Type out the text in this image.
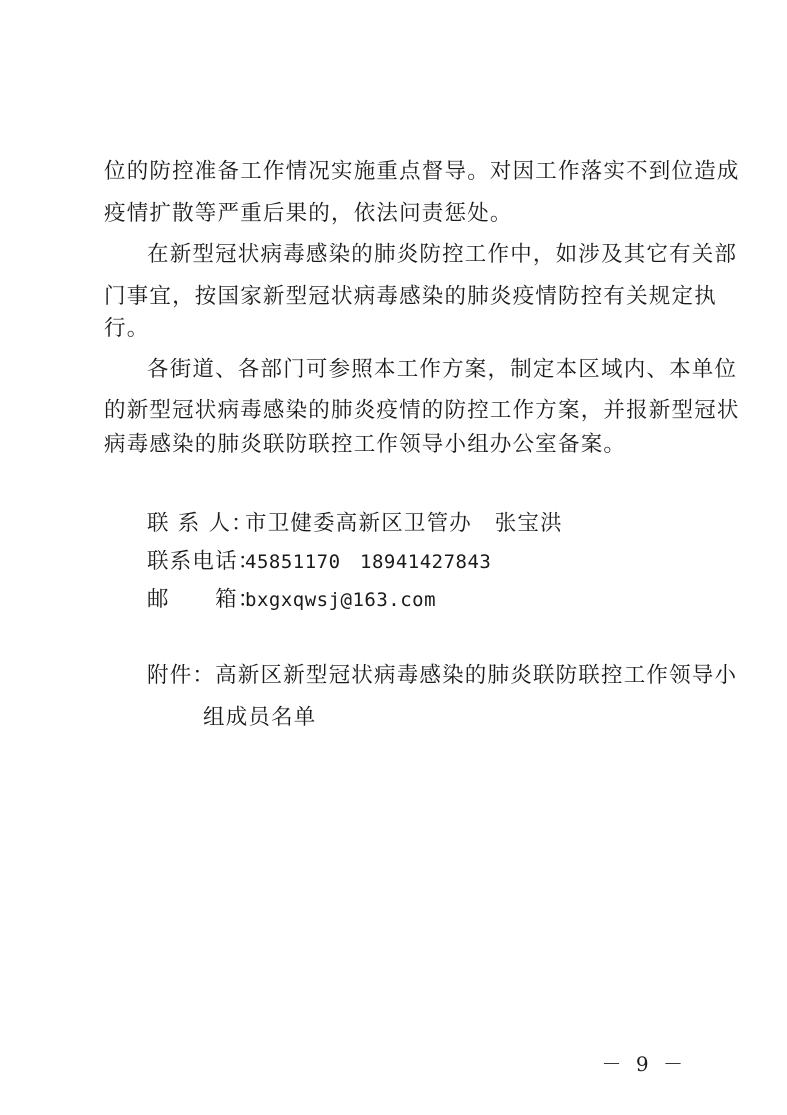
位的防控准备工作情况实施重点督导。对因工作落实不到位造成
疫情扩散等严重后果的，依法问责惩处。
在新型冠状病毒感染的肺炎防控工作中，如涉及其它有关部
门事宜，按国家新型冠状病毒感染的肺炎疫情防控有关规定执
行。
各街道、各部门可参照本工作方案，制定本区域内、本单位
的新型冠状病毒感染的肺炎疫情的防控工作方案，并报新型冠状
病毒感染的肺炎联防联控工作领导小组办公室备案。
联 系 人：市卫健委高新区卫管办　张宝洪
联系电话：45851170　18941427843
邮　　箱：bxgxqwsj@163.com
附件：高新区新型冠状病毒感染的肺炎联防联控工作领导小
组成员名单
－ 9 －
